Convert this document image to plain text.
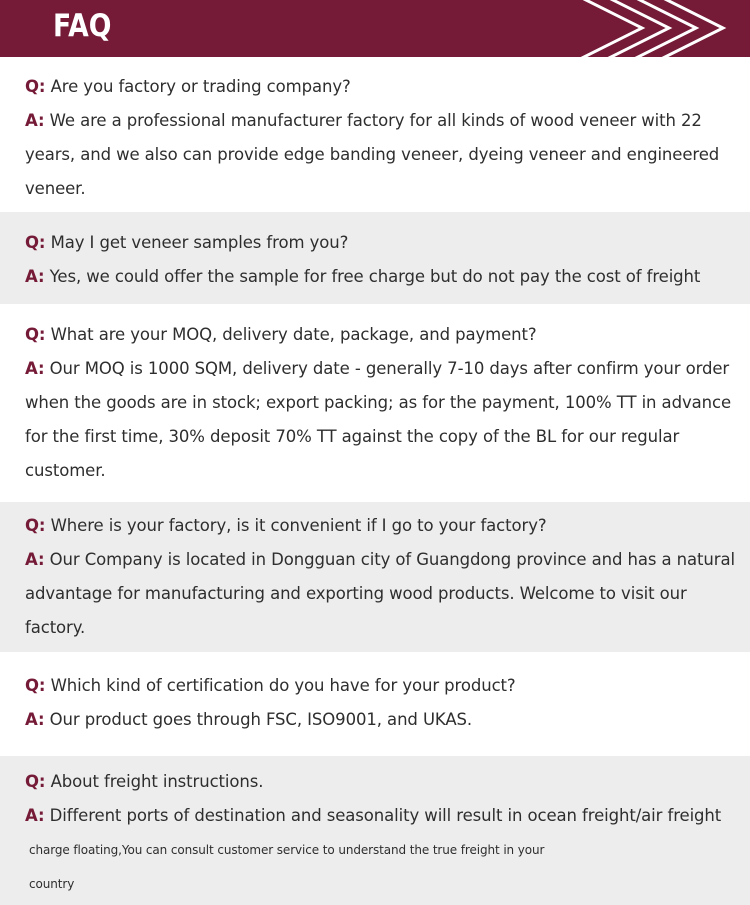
FAQ
Q: Are you factory or trading company?
A: We are a professional manufacturer factory for all kinds of wood veneer with 22
years, and we also can provide edge banding veneer, dyeing veneer and engineered
veneer.
Q: May I get veneer samples from you?
A: Yes, we could offer the sample for free charge but do not pay the cost of freight
Q: What are your MOQ, delivery date, package, and payment?
A: Our MOQ is 1000 SQM, delivery date - generally 7-10 days after confirm your order
when the goods are in stock; export packing; as for the payment, 100% TT in advance
for the first time, 30% deposit 70% TT against the copy of the BL for our regular
customer.
Q: Where is your factory, is it convenient if I go to your factory?
A: Our Company is located in Dongguan city of Guangdong province and has a natural
advantage for manufacturing and exporting wood products. Welcome to visit our
factory.
Q: Which kind of certification do you have for your product?
A: Our product goes through FSC, ISO9001, and UKAS.
Q: About freight instructions.
A: Different ports of destination and seasonality will result in ocean freight/air freight
charge floating,You can consult customer service to understand the true freight in your
country
